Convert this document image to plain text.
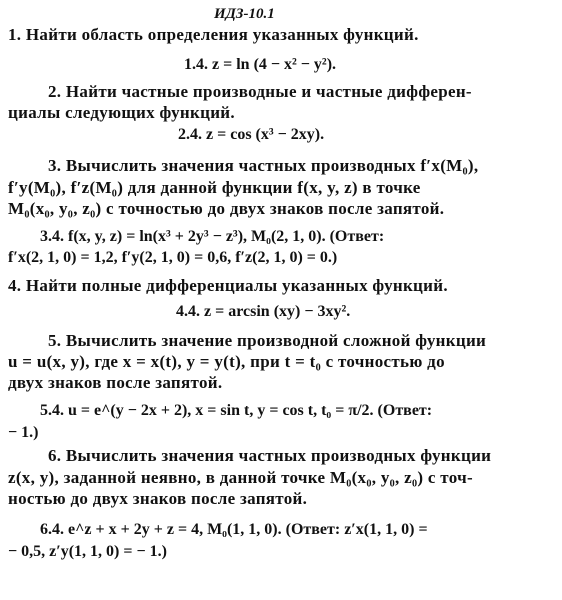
ИДЗ-10.1
1. Найти область определения указанных функций.
1.4. z = ln (4 − x² − y²).
2. Найти частные производные и частные дифферен-
циалы следующих функций.
2.4. z = cos (x³ − 2xy).
3. Вычислить значения частных производных f′x(M₀),
f′y(M₀), f′z(M₀) для данной функции f(x, y, z) в точке
M₀(x₀, y₀, z₀) с точностью до двух знаков после запятой.
3.4. f(x, y, z) = ln(x³ + 2y³ − z³), M₀(2, 1, 0). (Ответ:
f′x(2, 1, 0) = 1,2, f′y(2, 1, 0) = 0,6, f′z(2, 1, 0) = 0.)
4. Найти полные дифференциалы указанных функций.
4.4. z = arcsin (xy) − 3xy².
5. Вычислить значение производной сложной функции
u = u(x, y), где x = x(t), y = y(t), при t = t₀ с точностью до
двух знаков после запятой.
5.4. u = e^(y − 2x + 2), x = sin t, y = cos t, t₀ = π/2. (Ответ:
− 1.)
6. Вычислить значения частных производных функции
z(x, y), заданной неявно, в данной точке M₀(x₀, y₀, z₀) с точ-
ностью до двух знаков после запятой.
6.4. e^z + x + 2y + z = 4, M₀(1, 1, 0). (Ответ: z′x(1, 1, 0) =
− 0,5, z′y(1, 1, 0) = − 1.)
